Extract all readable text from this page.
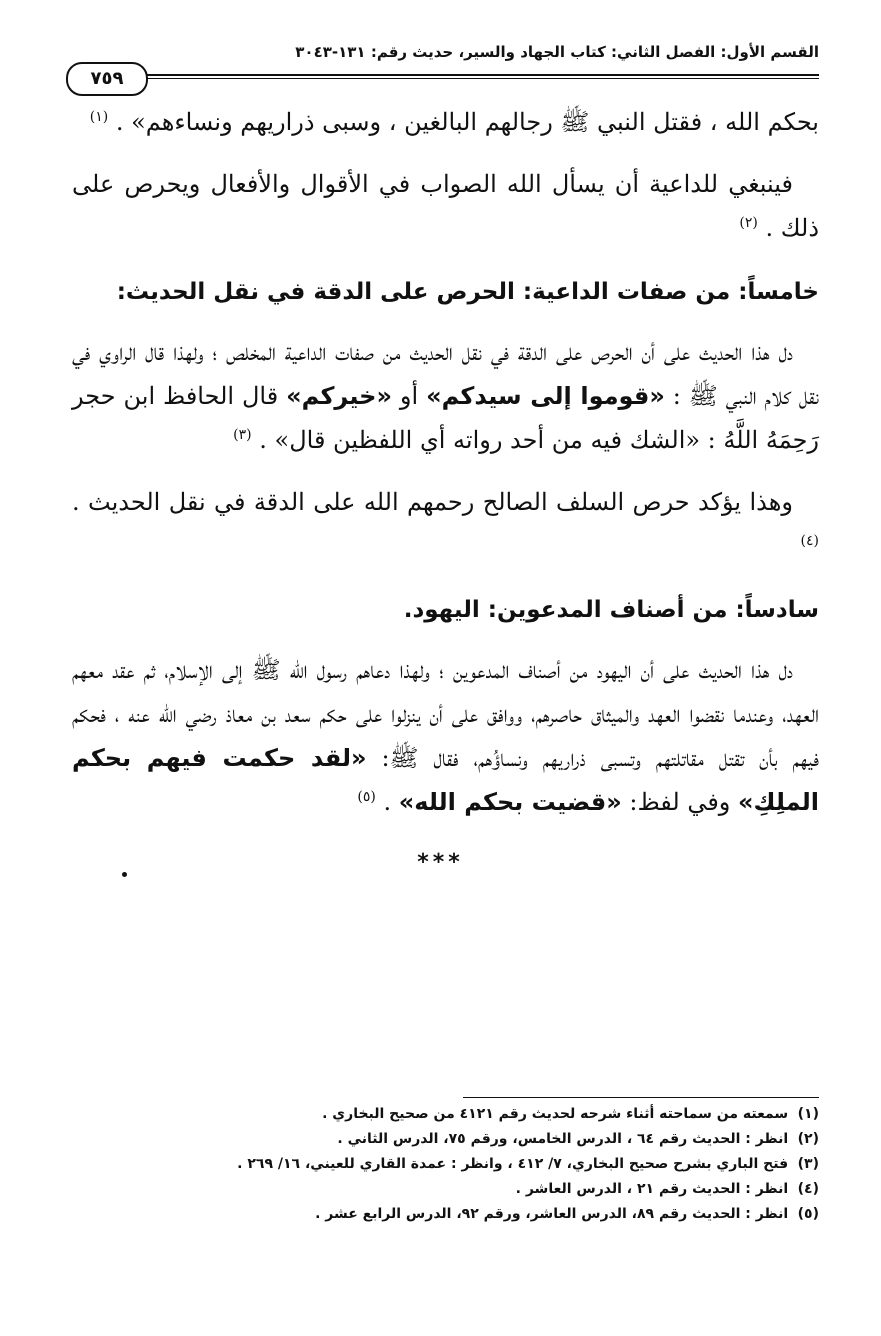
القسم الأول: الفصل الثاني: كتاب الجهاد والسير، حديث رقم: ١٣١-٣٠٤٣
٧٥٩

بحكم الله ، فقتل النبي ﷺ رجالهم البالغين ، وسبى ذراريهم ونساءهم» . $^{(١)}$

فينبغي للداعية أن يسأل الله الصواب في الأقوال والأفعال ويحرص على ذلك . $^{(٢)}$

خامساً: من صفات الداعية: الحرص على الدقة في نقل الحديث:

دل هذا الحديث على أن الحرص على الدقة في نقل الحديث من صفات الداعية المخلص ؛ ولهذا قال الراوي في نقل كلام النبي ﷺ : «قوموا إلى سيدكم» أو «خيركم» قال الحافظ ابن حجر رَحِمَهُ اللَّهُ : «الشك فيه من أحد رواته أي اللفظين قال» . $^{(٣)}$

وهذا يؤكد حرص السلف الصالح رحمهم الله على الدقة في نقل الحديث . $^{(٤)}$

سادساً: من أصناف المدعوين: اليهود.

دل هذا الحديث على أن اليهود من أصناف المدعوين ؛ ولهذا دعاهم رسول الله ﷺ إلى الإسلام، ثم عقد معهم العهد، وعندما نقضوا العهد والميثاق حاصرهم، ووافق على أن ينزلوا على حكم سعد بن معاذ رضي الله عنه ، فحكم فيهم بأن تقتل مقاتلتهم وتسبى ذراريهم ونساؤُهم، فقال ﷺ: «لقد حكمت فيهم بحكم الملِكِ» وفي لفظ: «قضيت بحكم الله» . $^{(٥)}$

***
(١) سمعته من سماحته أثناء شرحه لحديث رقم ٤١٢١ من صحيح البخاري .
(٢) انظر : الحديث رقم ٦٤ ، الدرس الخامس، ورقم ٧٥، الدرس الثاني .
(٣) فتح الباري بشرح صحيح البخاري، ٧/ ٤١٢ ، وانظر : عمدة القاري للعيني، ١٦/ ٢٦٩ .
(٤) انظر : الحديث رقم ٢١ ، الدرس العاشر .
(٥) انظر : الحديث رقم ٨٩، الدرس العاشر، ورقم ٩٢، الدرس الرابع عشر .
